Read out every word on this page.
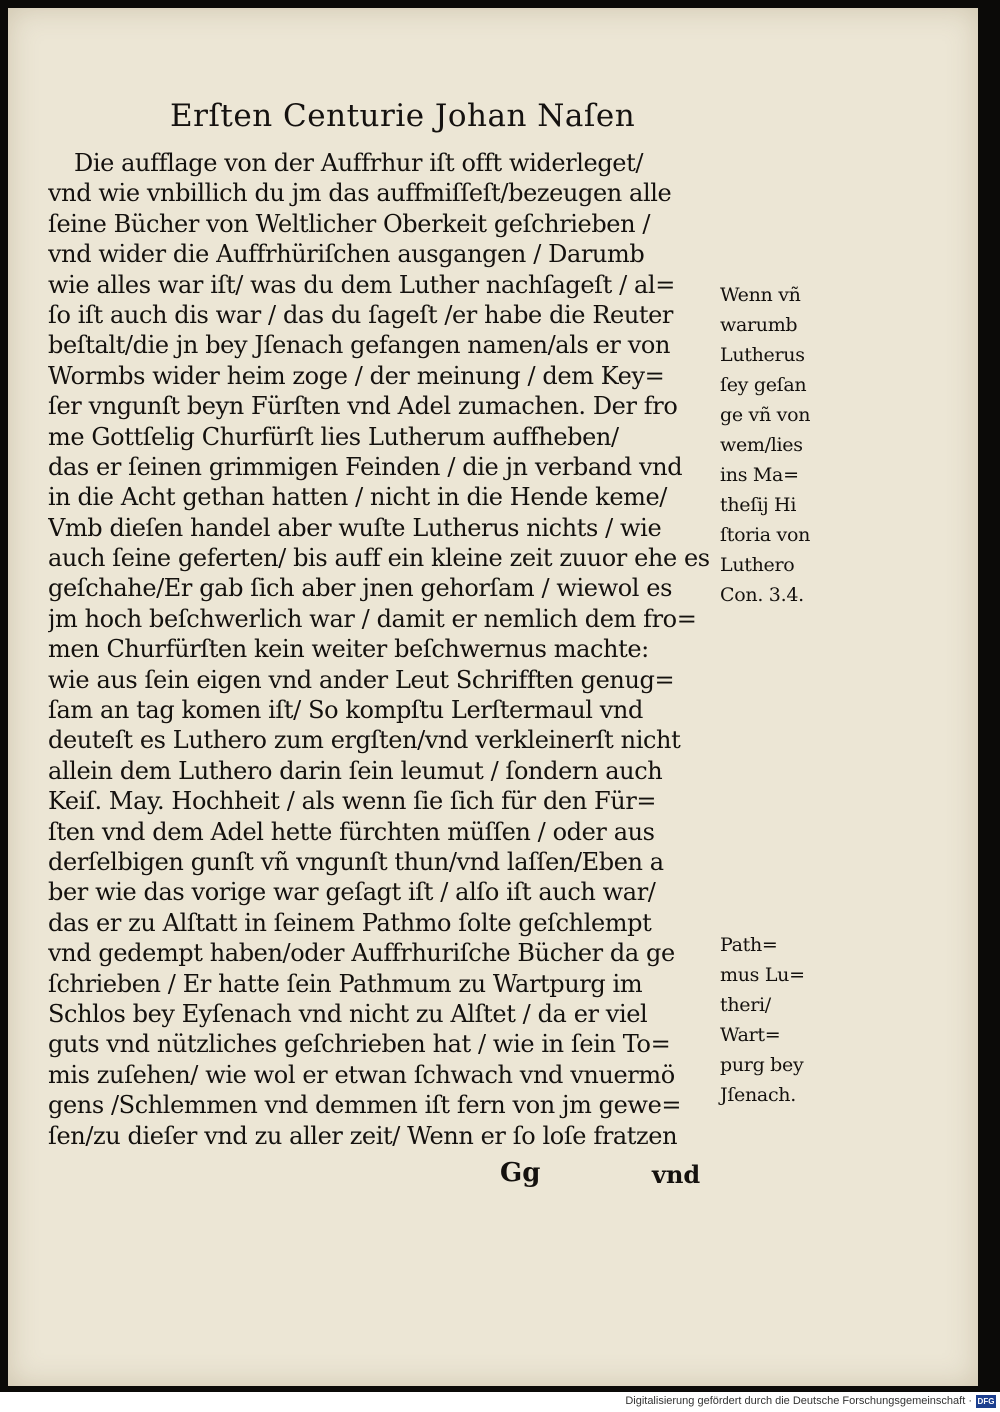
Erſten Centurie Johan Naſen
Die aufflage von der Auffrhur iſt offt widerleget/
vnd wie vnbillich du jm das auffmiſſeſt/bezeugen alle
ſeine Bücher von Weltlicher Oberkeit geſchrieben /
vnd wider die Auffrhüriſchen ausgangen / Darumb
wie alles war iſt/ was du dem Luther nachſageſt / al=
ſo iſt auch dis war / das du ſageſt /er habe die Reuter
beſtalt/die jn bey Jſenach gefangen namen/als er von
Wormbs wider heim zoge / der meinung / dem Key=
ſer vngunſt beyn Fürſten vnd Adel zumachen. Der fro
me Gottſelig Churfürſt lies Lutherum auffheben/
das er ſeinen grimmigen Feinden / die jn verband vnd
in die Acht gethan hatten / nicht in die Hende keme/
Vmb dieſen handel aber wuſte Lutherus nichts / wie
auch ſeine geferten/ bis auff ein kleine zeit zuuor ehe es
geſchahe/Er gab ſich aber jnen gehorſam / wiewol es
jm hoch beſchwerlich war / damit er nemlich dem fro=
men Churfürſten kein weiter beſchwernus machte:
wie aus ſein eigen vnd ander Leut Schrifften genug=
ſam an tag komen iſt/ So kompſtu Lerſtermaul vnd
deuteſt es Luthero zum ergſten/vnd verkleinerſt nicht
allein dem Luthero darin ſein leumut / ſondern auch
Keiſ. May. Hochheit / als wenn ſie ſich für den Für=
ſten vnd dem Adel hette fürchten müſſen / oder aus
derſelbigen gunſt vñ vngunſt thun/vnd laſſen/Eben a
ber wie das vorige war geſagt iſt / alſo iſt auch war/
das er zu Alſtatt in ſeinem Pathmo ſolte geſchlempt
vnd gedempt haben/oder Auffrhuriſche Bücher da ge
ſchrieben / Er hatte ſein Pathmum zu Wartpurg im
Schlos bey Eyſenach vnd nicht zu Alſtet / da er viel
guts vnd nützliches geſchrieben hat / wie in ſein To=
mis zuſehen/ wie wol er etwan ſchwach vnd vnuermö
gens /Schlemmen vnd demmen iſt fern von jm gewe=
ſen/zu dieſer vnd zu aller zeit/ Wenn er ſo loſe fratzen
Wenn vñ
warumb
Lutherus
ſey geſan
ge vñ von
wem/lies
ins Ma=
theſij Hi
ſtoria von
Luthero
Con. 3.4.
Path=
mus Lu=
theri/
Wart=
purg bey
Jſenach.
Gg	vnd
Digitalisierung gefördert durch die Deutsche Forschungsgemeinschaft · DFG
